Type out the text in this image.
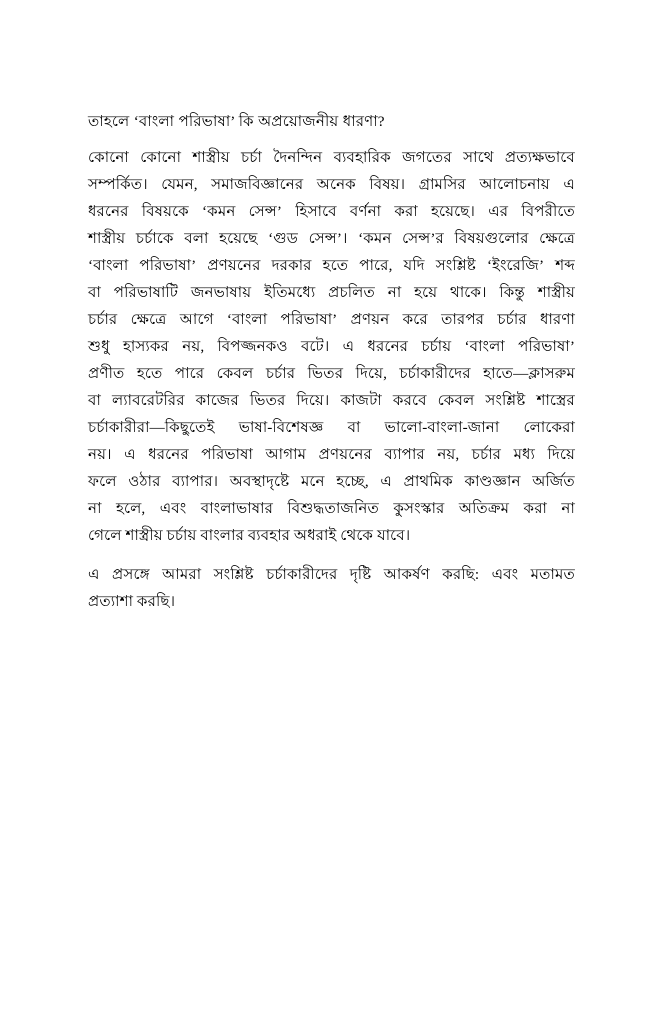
তাহলে ‘বাংলা পরিভাষা’ কি অপ্রয়োজনীয় ধারণা?

কোনো কোনো শাস্ত্রীয় চর্চা দৈনন্দিন ব্যবহারিক জগতের সাথে প্রত্যক্ষভাবে
সম্পর্কিত। যেমন, সমাজবিজ্ঞানের অনেক বিষয়। গ্রামসির আলোচনায় এ
ধরনের বিষয়কে ‘কমন সেন্স’ হিসাবে বর্ণনা করা হয়েছে। এর বিপরীতে
শাস্ত্রীয় চর্চাকে বলা হয়েছে ‘গুড সেন্স’। ‘কমন সেন্স’র বিষয়গুলোর ক্ষেত্রে
‘বাংলা পরিভাষা’ প্রণয়নের দরকার হতে পারে, যদি সংশ্লিষ্ট ‘ইংরেজি’ শব্দ
বা পরিভাষাটি জনভাষায় ইতিমধ্যে প্রচলিত না হয়ে থাকে। কিন্তু শাস্ত্রীয়
চর্চার ক্ষেত্রে আগে ‘বাংলা পরিভাষা’ প্রণয়ন করে তারপর চর্চার ধারণা
শুধু হাস্যকর নয়, বিপজ্জনকও বটে। এ ধরনের চর্চায় ‘বাংলা পরিভাষা’
প্রণীত হতে পারে কেবল চর্চার ভিতর দিয়ে, চর্চাকারীদের হাতে—ক্লাসরুম
বা ল্যাবরেটরির কাজের ভিতর দিয়ে। কাজটা করবে কেবল সংশ্লিষ্ট শাস্ত্রের
চর্চাকারীরা—কিছুতেই ভাষা-বিশেষজ্ঞ বা ভালো-বাংলা-জানা লোকেরা
নয়। এ ধরনের পরিভাষা আগাম প্রণয়নের ব্যাপার নয়, চর্চার মধ্য দিয়ে
ফলে ওঠার ব্যাপার। অবস্থাদৃষ্টে মনে হচ্ছে, এ প্রাথমিক কাণ্ডজ্ঞান অর্জিত
না হলে, এবং বাংলাভাষার বিশুদ্ধতাজনিত কুসংস্কার অতিক্রম করা না
গেলে শাস্ত্রীয় চর্চায় বাংলার ব্যবহার অধরাই থেকে যাবে।

এ প্রসঙ্গে আমরা সংশ্লিষ্ট চর্চাকারীদের দৃষ্টি আকর্ষণ করছি: এবং মতামত
প্রত্যাশা করছি।
